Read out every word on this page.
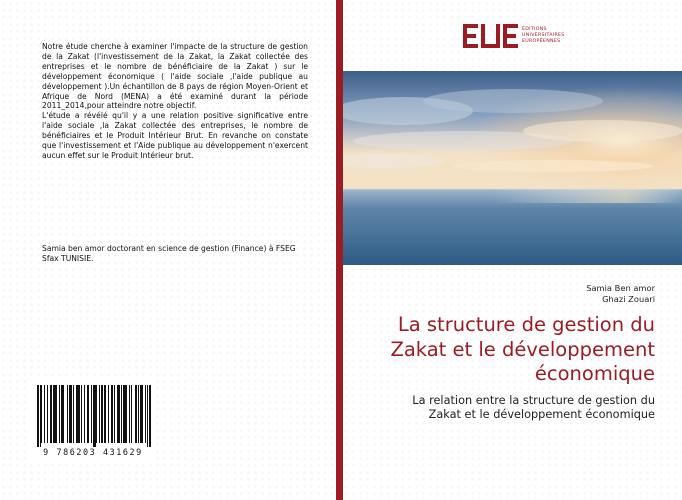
Notre étude cherche à examiner l'impacte de la structure de gestion de la Zakat (l'investissement de la Zakat, la Zakat collectée des entreprises et le nombre de bénéficiaire de la Zakat ) sur le développement économique ( l'aide sociale ,l'aide publique au développement ).Un échantillon de 8 pays de région Moyen-Orient et Afrique de Nord (MENA) a été examiné durant la période 2011_2014,pour atteindre notre objectif.

L'étude a révélé qu'il y a une relation positive significative entre l'aide sociale ,la Zakat collectée des entreprises, le nombre de bénéficiaires et le Produit Intérieur Brut. En revanche on constate que l'investissement et l'Aide publique au développement n'exercent aucun effet sur le Produit Intérieur brut.

Samia ben amor doctorant en science de gestion (Finance) à FSEG Sfax TUNISIE.
9 786203 431629
ÉDITIONS
UNIVERSITAIRES
EUROPÉENNES
Samia Ben amor
Ghazi Zouari
La structure de gestion du
Zakat et le développement
économique
La relation entre la structure de gestion du
Zakat et le développement économique
